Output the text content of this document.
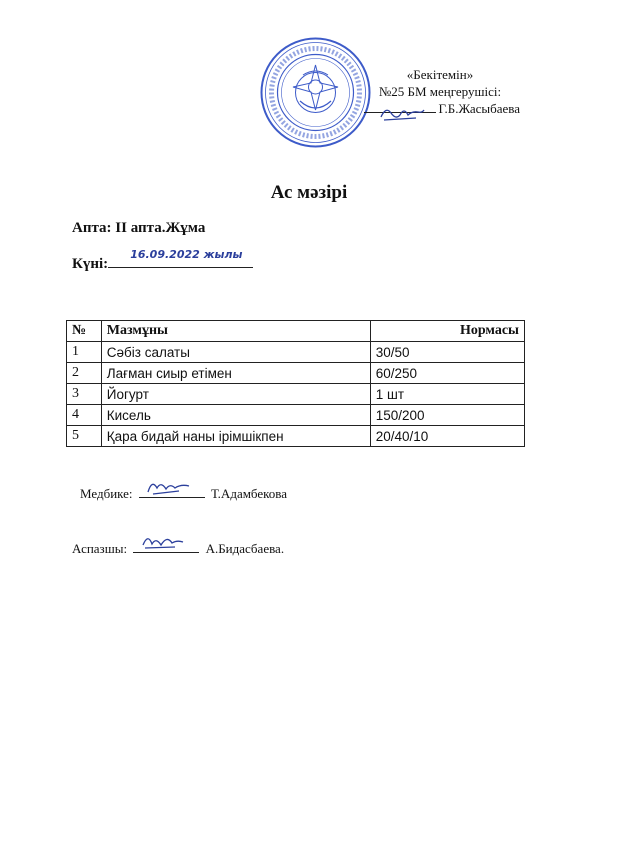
«Бекітемін»
№25 БМ меңгерушісі:
Г.Б.Жасыбаева
Ас мәзірі
Апта: ІІ апта.Жұма
Күні:
16.09.2022 жылы
№	Мазмұны	Нормасы
1	Сәбіз салаты	30/50
2	Лағман сиыр етімен	60/250
3	Йогурт	1 шт
4	Кисель	150/200
5	Қара бидай наны ірімшікпен	20/40/10
Медбике:	Т.Адамбекова
Аспазшы:	А.Бидасбаева.
